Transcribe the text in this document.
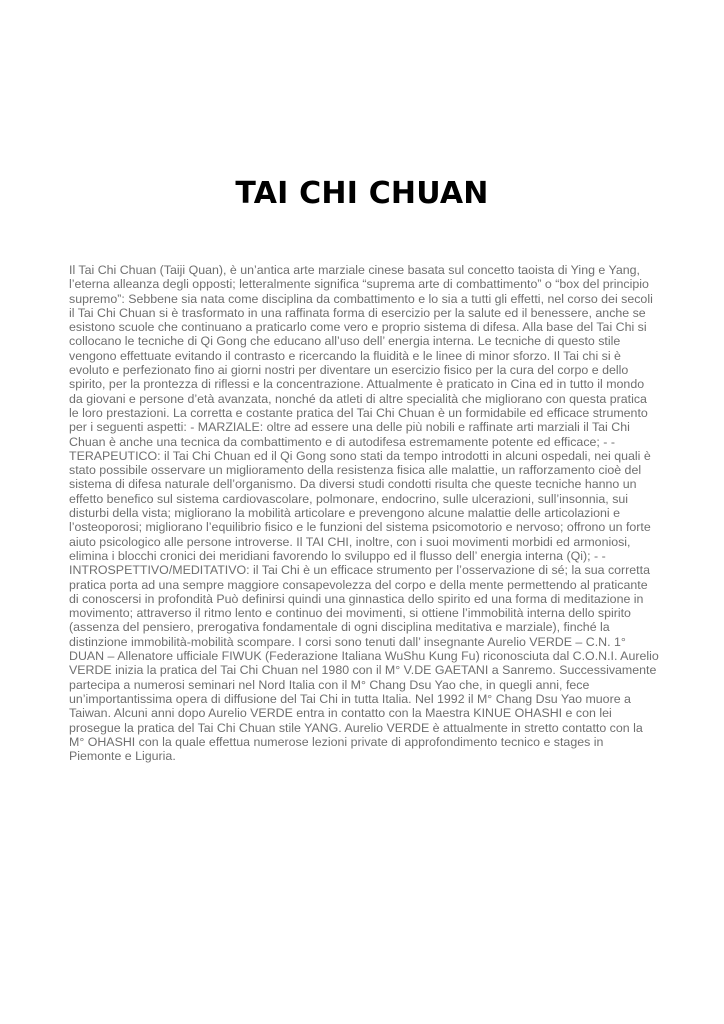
TAI CHI CHUAN

Il Tai Chi Chuan (Taiji Quan), è un’antica arte marziale cinese basata sul concetto taoista di Ying e Yang, l’eterna alleanza degli opposti; letteralmente significa “suprema arte di combattimento” o “box del principio supremo”: Sebbene sia nata come disciplina da combattimento e lo sia a tutti gli effetti, nel corso dei secoli il Tai Chi Chuan si è trasformato in una raffinata forma di esercizio per la salute ed il benessere, anche se esistono scuole che continuano a praticarlo come vero e proprio sistema di difesa. Alla base del Tai Chi si collocano le tecniche di Qi Gong che educano all’uso dell’ energia interna. Le tecniche di questo stile vengono effettuate evitando il contrasto e ricercando la fluidità e le linee di minor sforzo. Il Tai chi si è evoluto e perfezionato fino ai giorni nostri per diventare un esercizio fisico per la cura del corpo e dello spirito, per la prontezza di riflessi e la concentrazione. Attualmente è praticato in Cina ed in tutto il mondo da giovani e persone d’età avanzata, nonché da atleti di altre specialità che migliorano con questa pratica le loro prestazioni. La corretta e costante pratica del Tai Chi Chuan è un formidabile ed efficace strumento per i seguenti aspetti: - MARZIALE: oltre ad essere una delle più nobili e raffinate arti marziali il Tai Chi Chuan è anche una tecnica da combattimento e di autodifesa estremamente potente ed efficace; - - TERAPEUTICO: il Tai Chi Chuan ed il Qi Gong sono stati da tempo introdotti in alcuni ospedali, nei quali è stato possibile osservare un miglioramento della resistenza fisica alle malattie, un rafforzamento cioè del sistema di difesa naturale dell’organismo. Da diversi studi condotti risulta che queste tecniche hanno un effetto benefico sul sistema cardiovascolare, polmonare, endocrino, sulle ulcerazioni, sull’insonnia, sui disturbi della vista; migliorano la mobilità articolare e prevengono alcune malattie delle articolazioni e l’osteoporosi; migliorano l’equilibrio fisico e le funzioni del sistema psicomotorio e nervoso; offrono un forte aiuto psicologico alle persone introverse. Il TAI CHI, inoltre, con i suoi movimenti morbidi ed armoniosi, elimina i blocchi cronici dei meridiani favorendo lo sviluppo ed il flusso dell’ energia interna (Qi); - - INTROSPETTIVO/MEDITATIVO: il Tai Chi è un efficace strumento per l’osservazione di sé; la sua corretta pratica porta ad una sempre maggiore consapevolezza del corpo e della mente permettendo al praticante di conoscersi in profondità Può definirsi quindi una ginnastica dello spirito ed una forma di meditazione in movimento; attraverso il ritmo lento e continuo dei movimenti, si ottiene l’immobilità interna dello spirito (assenza del pensiero, prerogativa fondamentale di ogni disciplina meditativa e marziale), finché la distinzione immobilità-mobilità scompare. I corsi sono tenuti dall’ insegnante Aurelio VERDE – C.N. 1° DUAN – Allenatore ufficiale FIWUK (Federazione Italiana WuShu Kung Fu) riconosciuta dal C.O.N.I. Aurelio VERDE inizia la pratica del Tai Chi Chuan nel 1980 con il M° V.DE GAETANI a Sanremo. Successivamente partecipa a numerosi seminari nel Nord Italia con il M° Chang Dsu Yao che, in quegli anni, fece un’importantissima opera di diffusione del Tai Chi in tutta Italia. Nel 1992 il M° Chang Dsu Yao muore a Taiwan. Alcuni anni dopo Aurelio VERDE entra in contatto con la Maestra KINUE OHASHI e con lei prosegue la pratica del Tai Chi Chuan stile YANG. Aurelio VERDE è attualmente in stretto contatto con la M° OHASHI con la quale effettua numerose lezioni private di approfondimento tecnico e stages in Piemonte e Liguria.
